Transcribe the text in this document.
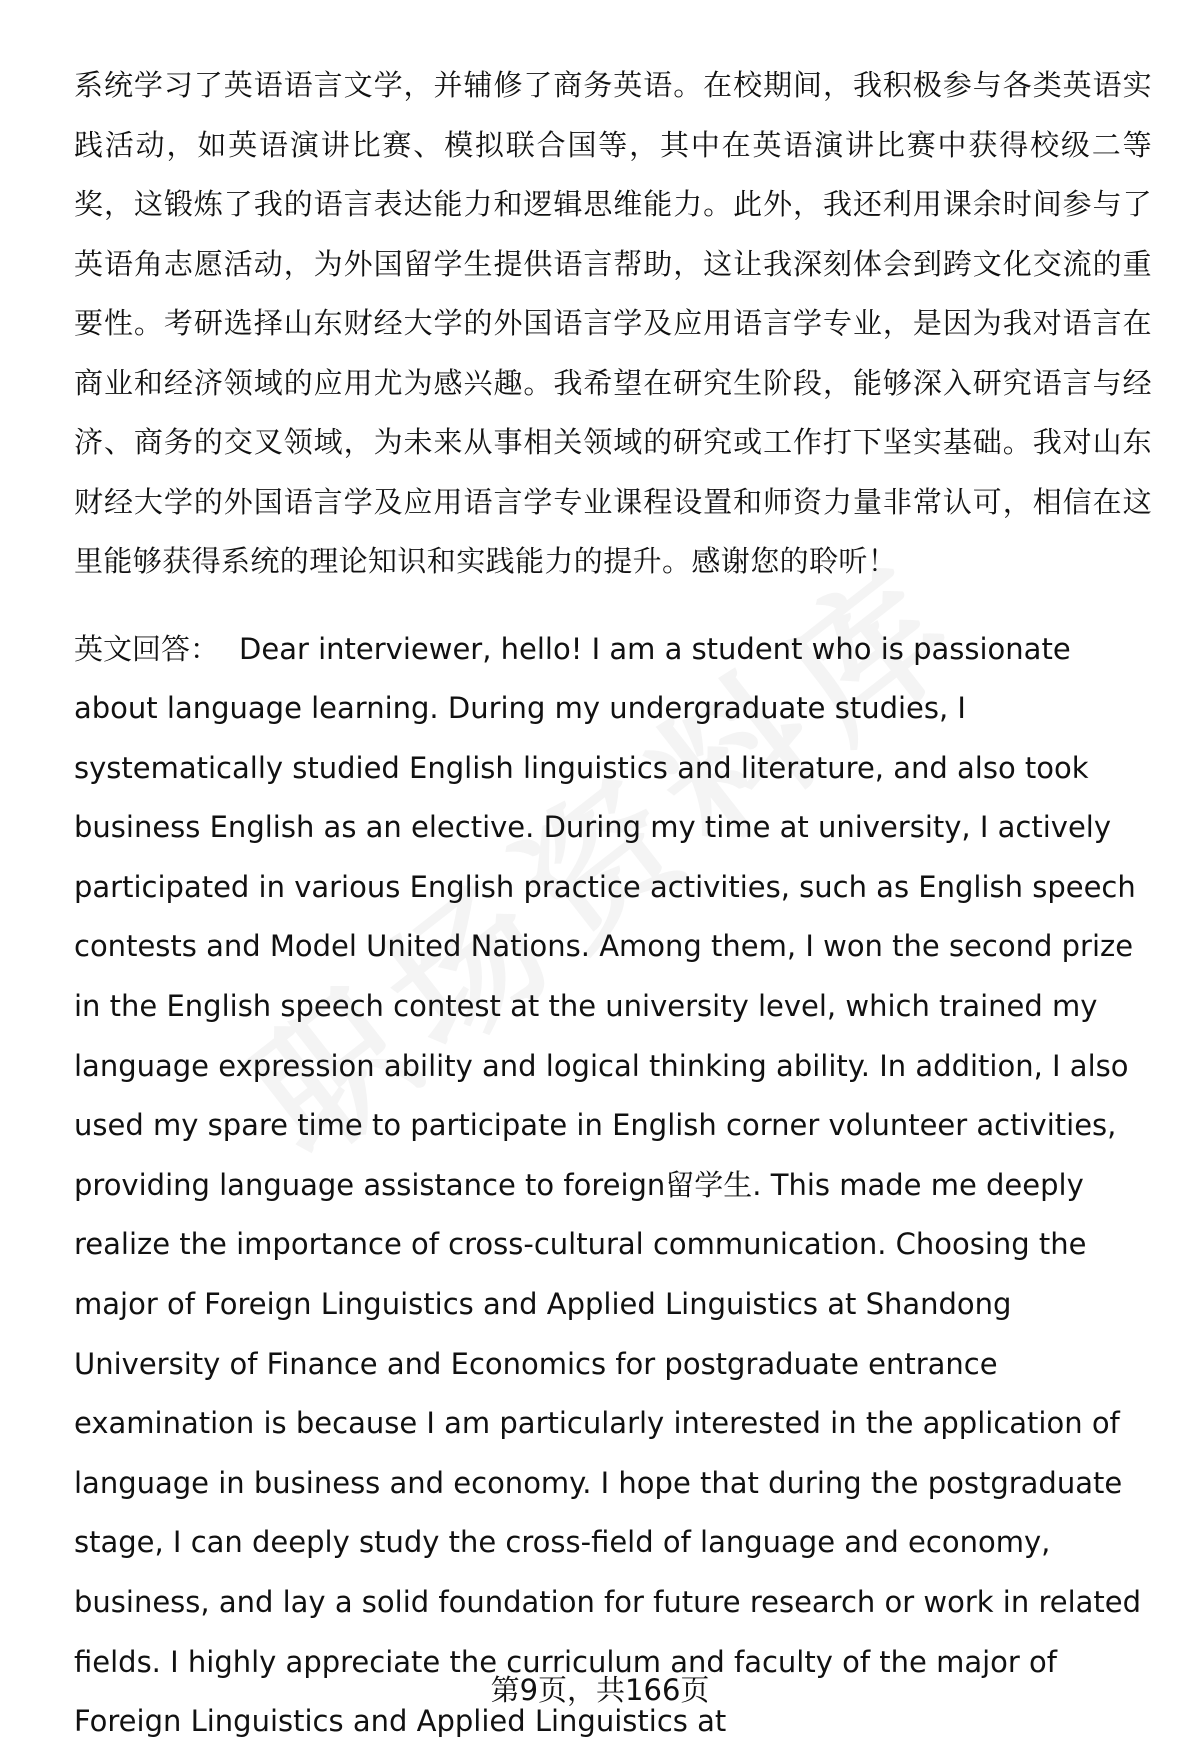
系统学习了英语语言文学，并辅修了商务英语。在校期间，我积极参与各类英语实践活动，如英语演讲比赛、模拟联合国等，其中在英语演讲比赛中获得校级二等奖，这锻炼了我的语言表达能力和逻辑思维能力。此外，我还利用课余时间参与了英语角志愿活动，为外国留学生提供语言帮助，这让我深刻体会到跨文化交流的重要性。考研选择山东财经大学的外国语言学及应用语言学专业，是因为我对语言在商业和经济领域的应用尤为感兴趣。我希望在研究生阶段，能够深入研究语言与经济、商务的交叉领域，为未来从事相关领域的研究或工作打下坚实基础。我对山东财经大学的外国语言学及应用语言学专业课程设置和师资力量非常认可，相信在这里能够获得系统的理论知识和实践能力的提升。感谢您的聆听！

英文回答： Dear interviewer, hello! I am a student who is passionate about language learning. During my undergraduate studies, I systematically studied English linguistics and literature, and also took business English as an elective. During my time at university, I actively participated in various English practice activities, such as English speech contests and Model United Nations. Among them, I won the second prize in the English speech contest at the university level, which trained my language expression ability and logical thinking ability. In addition, I also used my spare time to participate in English corner volunteer activities, providing language assistance to foreign留学生. This made me deeply realize the importance of cross-cultural communication. Choosing the major of Foreign Linguistics and Applied Linguistics at Shandong University of Finance and Economics for postgraduate entrance examination is because I am particularly interested in the application of language in business and economy. I hope that during the postgraduate stage, I can deeply study the cross-field of language and economy, business, and lay a solid foundation for future research or work in related fields. I highly appreciate the curriculum and faculty of the major of Foreign Linguistics and Applied Linguistics at

第9页，共166页
